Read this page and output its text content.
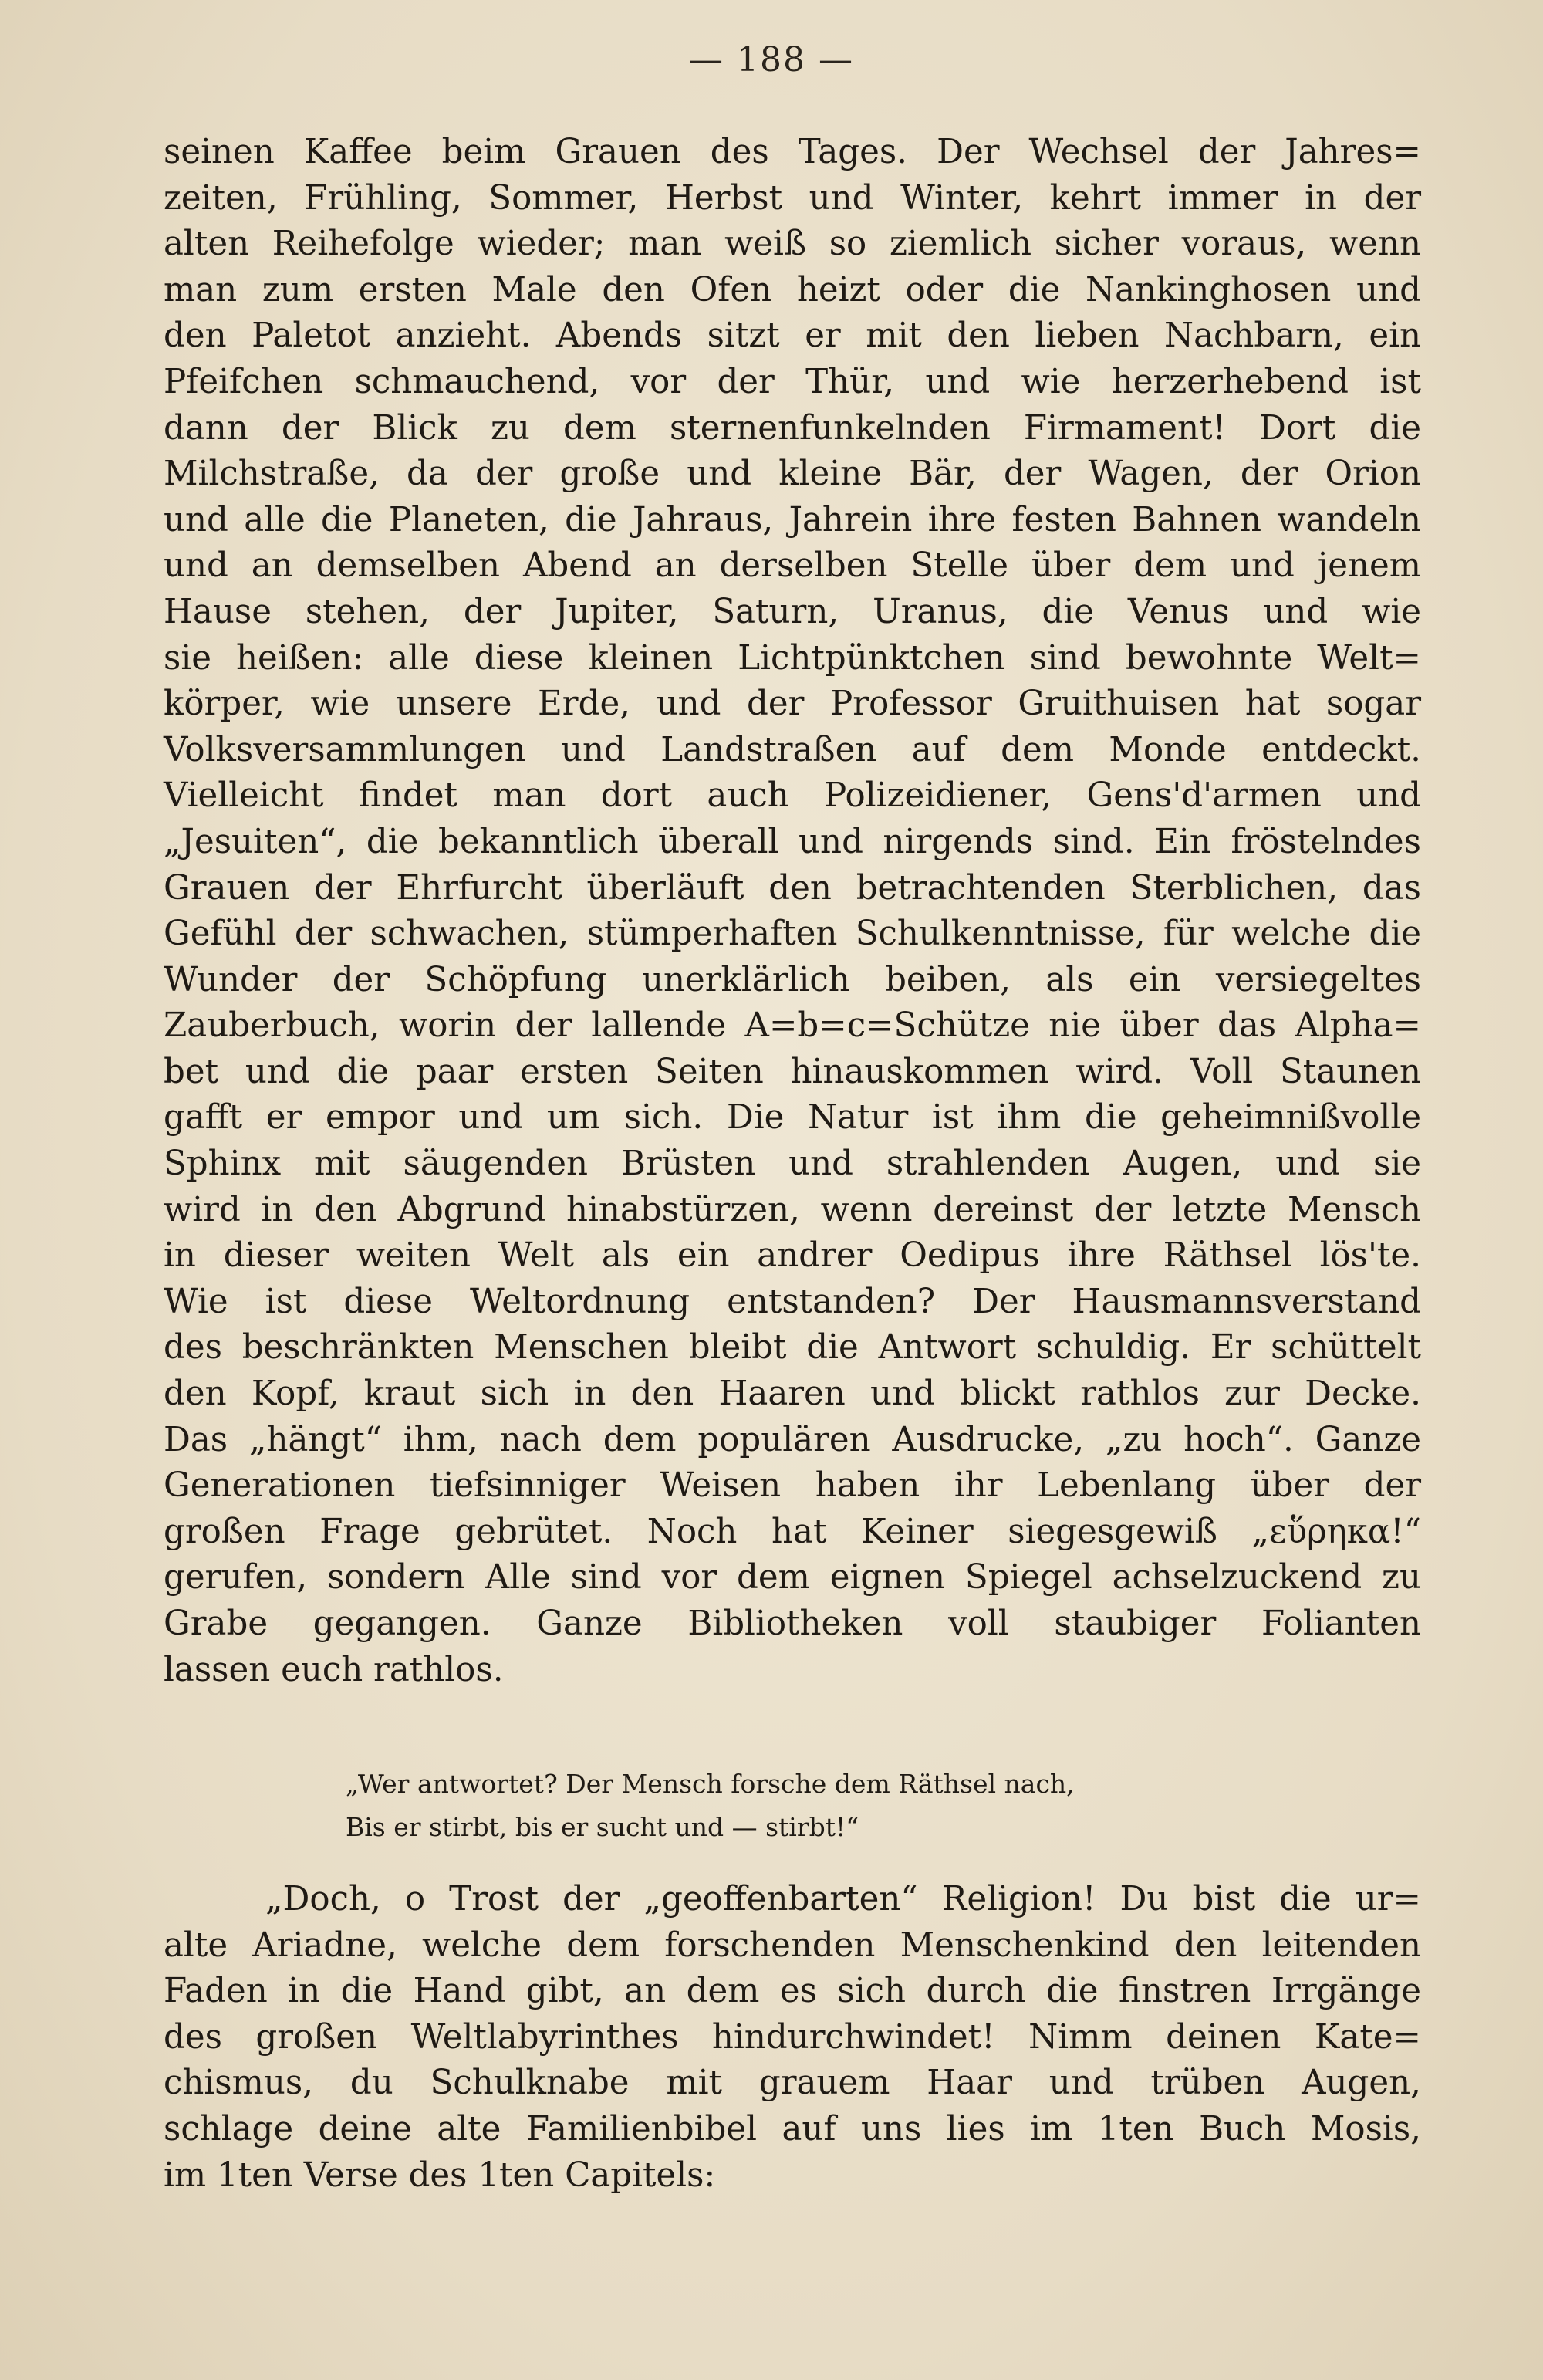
— 188 —
seinen Kaffee beim Grauen des Tages. Der Wechsel der Jahres=
zeiten, Frühling, Sommer, Herbst und Winter, kehrt immer in der
alten Reihefolge wieder; man weiß so ziemlich sicher voraus, wenn
man zum ersten Male den Ofen heizt oder die Nankinghosen und
den Paletot anzieht. Abends sitzt er mit den lieben Nachbarn, ein
Pfeifchen schmauchend, vor der Thür, und wie herzerhebend ist
dann der Blick zu dem sternenfunkelnden Firmament! Dort die
Milchstraße, da der große und kleine Bär, der Wagen, der Orion
und alle die Planeten, die Jahraus, Jahrein ihre festen Bahnen wandeln
und an demselben Abend an derselben Stelle über dem und jenem
Hause stehen, der Jupiter, Saturn, Uranus, die Venus und wie
sie heißen: alle diese kleinen Lichtpünktchen sind bewohnte Welt=
körper, wie unsere Erde, und der Professor Gruithuisen hat sogar
Volksversammlungen und Landstraßen auf dem Monde entdeckt.
Vielleicht findet man dort auch Polizeidiener, Gens'd'armen und
„Jesuiten“, die bekanntlich überall und nirgends sind. Ein fröstelndes
Grauen der Ehrfurcht überläuft den betrachtenden Sterblichen, das
Gefühl der schwachen, stümperhaften Schulkenntnisse, für welche die
Wunder der Schöpfung unerklärlich beiben, als ein versiegeltes
Zauberbuch, worin der lallende A=b=c=Schütze nie über das Alpha=
bet und die paar ersten Seiten hinauskommen wird. Voll Staunen
gafft er empor und um sich. Die Natur ist ihm die geheimnißvolle
Sphinx mit säugenden Brüsten und strahlenden Augen, und sie
wird in den Abgrund hinabstürzen, wenn dereinst der letzte Mensch
in dieser weiten Welt als ein andrer Oedipus ihre Räthsel lös'te.
Wie ist diese Weltordnung entstanden? Der Hausmannsverstand
des beschränkten Menschen bleibt die Antwort schuldig. Er schüttelt
den Kopf, kraut sich in den Haaren und blickt rathlos zur Decke.
Das „hängt“ ihm, nach dem populären Ausdrucke, „zu hoch“. Ganze
Generationen tiefsinniger Weisen haben ihr Lebenlang über der
großen Frage gebrütet. Noch hat Keiner siegesgewiß „εὕρηκα!“
gerufen, sondern Alle sind vor dem eignen Spiegel achselzuckend zu
Grabe gegangen. Ganze Bibliotheken voll staubiger Folianten
lassen euch rathlos.
„Wer antwortet? Der Mensch forsche dem Räthsel nach,
Bis er stirbt, bis er sucht und — stirbt!“
„Doch, o Trost der „geoffenbarten“ Religion! Du bist die ur=
alte Ariadne, welche dem forschenden Menschenkind den leitenden
Faden in die Hand gibt, an dem es sich durch die finstren Irrgänge
des großen Weltlabyrinthes hindurchwindet! Nimm deinen Kate=
chismus, du Schulknabe mit grauem Haar und trüben Augen,
schlage deine alte Familienbibel auf uns lies im 1ten Buch Mosis,
im 1ten Verse des 1ten Capitels:
